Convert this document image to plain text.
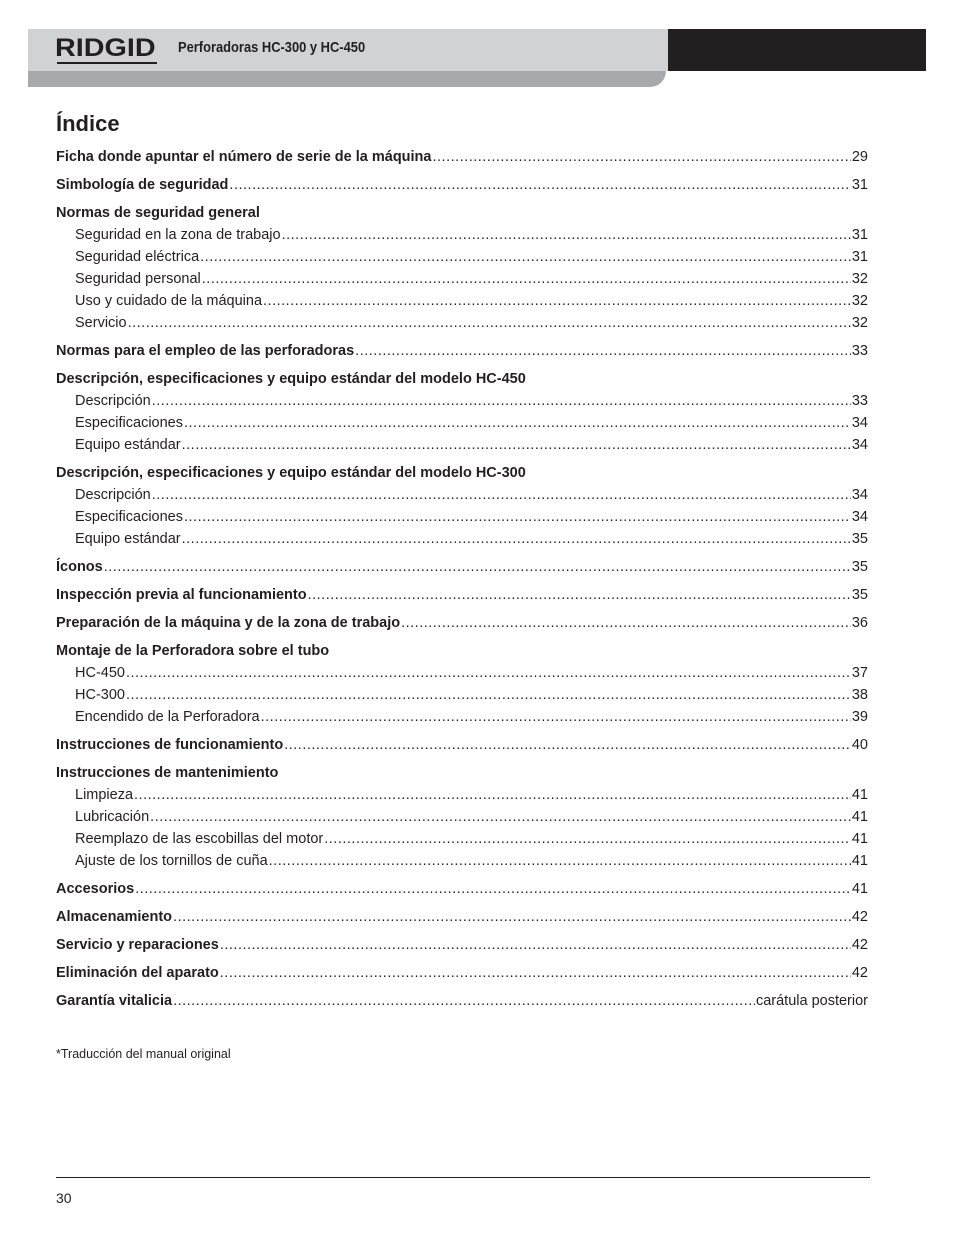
RIDGID Perforadoras HC-300 y HC-450
Índice
Ficha donde apuntar el número de serie de la máquina .....	29
Simbología de seguridad .....	31
Normas de seguridad general
Seguridad en la zona de trabajo .....	31
Seguridad eléctrica .....	31
Seguridad personal .....	32
Uso y cuidado de la máquina .....	32
Servicio .....	32
Normas para el empleo de las perforadoras .....	33
Descripción, especificaciones y equipo estándar del modelo HC-450
Descripción .....	33
Especificaciones .....	34
Equipo estándar .....	34
Descripción, especificaciones y equipo estándar del modelo HC-300
Descripción .....	34
Especificaciones .....	34
Equipo estándar .....	35
Íconos .....	35
Inspección previa al funcionamiento .....	35
Preparación de la máquina y de la zona de trabajo .....	36
Montaje de la Perforadora sobre el tubo
HC-450 .....	37
HC-300 .....	38
Encendido de la Perforadora .....	39
Instrucciones de funcionamiento .....	40
Instrucciones de mantenimiento
Limpieza .....	41
Lubricación .....	41
Reemplazo de las escobillas del motor .....	41
Ajuste de los tornillos de cuña .....	41
Accesorios .....	41
Almacenamiento .....	42
Servicio y reparaciones .....	42
Eliminación del aparato .....	42
Garantía vitalicia .....	carátula posterior
*Traducción del manual original
30
